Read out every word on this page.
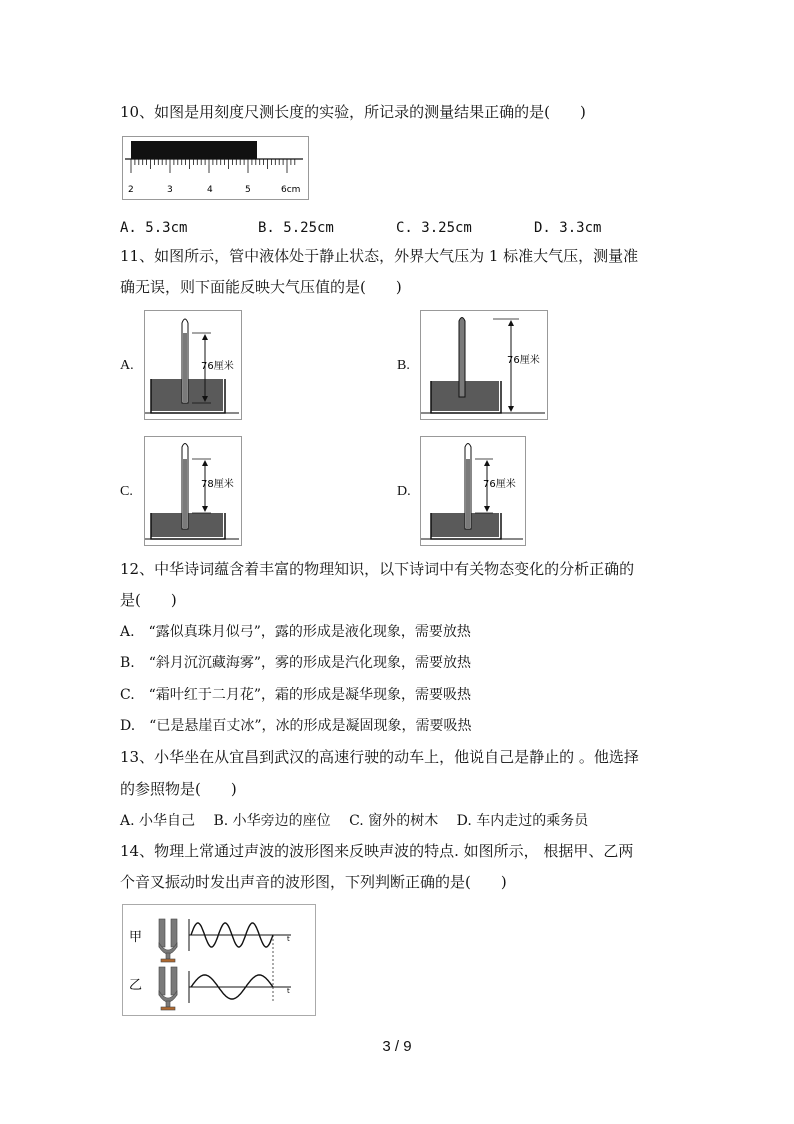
10、如图是用刻度尺测长度的实验，所记录的测量结果正确的是(　　)
2	3	4	5	6cm
A. 5.3cm	B. 5.25cm	C. 3.25cm	D. 3.3cm
11、如图所示，管中液体处于静止状态，外界大气压为 1 标准大气压，测量准
确无误，则下面能反映大气压值的是(　　)
A.	76厘米	B.	76厘米
C.	78厘米	D.	76厘米
12、中华诗词蕴含着丰富的物理知识，以下诗词中有关物态变化的分析正确的
是(　　)
A.　“露似真珠月似弓”，露的形成是液化现象，需要放热
B.　“斜月沉沉藏海雾”，雾的形成是汽化现象，需要放热
C.　“霜叶红于二月花”，霜的形成是凝华现象，需要吸热
D.　“已是悬崖百丈冰”，冰的形成是凝固现象，需要吸热
13、小华坐在从宜昌到武汉的高速行驶的动车上，他说自己是静止的 。他选择
的参照物是(　　)
A. 小华自己　 B. 小华旁边的座位　 C. 窗外的树木　 D. 车内走过的乘务员
14、物理上常通过声波的波形图来反映声波的特点. 如图所示， 根据甲、乙两
个音叉振动时发出声音的波形图，下列判断正确的是(　　)
甲
乙
t
t
3 / 9
